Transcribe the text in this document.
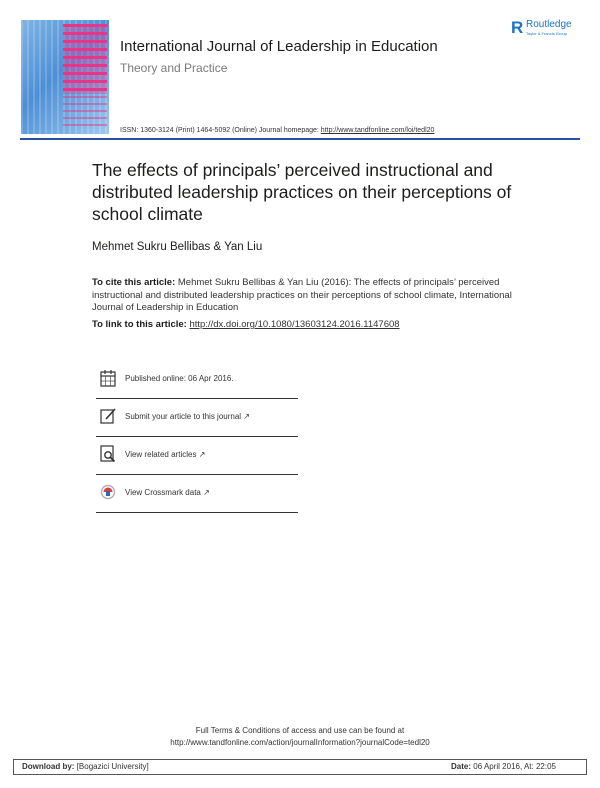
International Journal of Leadership in Education
Theory and Practice
R Routledge
Taylor & Francis Group
ISSN: 1360-3124 (Print) 1464-5092 (Online) Journal homepage: http://www.tandfonline.com/loi/tedl20
The effects of principals’ perceived instructional and distributed leadership practices on their perceptions of school climate
Mehmet Sukru Bellibas & Yan Liu
To cite this article: Mehmet Sukru Bellibas & Yan Liu (2016): The effects of principals’ perceived instructional and distributed leadership practices on their perceptions of school climate, International Journal of Leadership in Education
To link to this article: http://dx.doi.org/10.1080/13603124.2016.1147608
Published online: 06 Apr 2016.
Submit your article to this journal ↗
View related articles ↗
View Crossmark data ↗
Full Terms & Conditions of access and use can be found at
http://www.tandfonline.com/action/journalInformation?journalCode=tedl20
Download by: [Bogazici University]	Date: 06 April 2016, At: 22:05
